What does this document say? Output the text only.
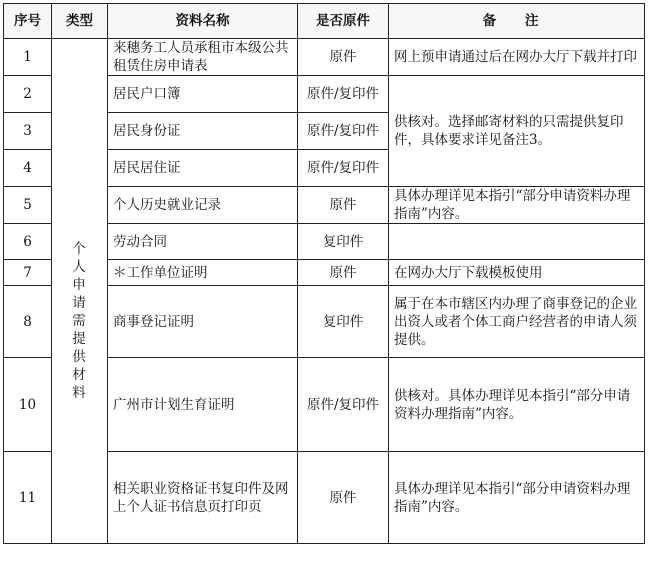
序号	类型	资料名称	是否原件	备 注
1	个人申请需提供材料	来穗务工人员承租市本级公共租赁住房申请表	原件	网上预申请通过后在网办大厅下载并打印
2		居民户口簿	原件/复印件	供核对。选择邮寄材料的只需提供复印件，具体要求详见备注3。
3		居民身份证	原件/复印件	
4		居民居住证	原件/复印件	
5		个人历史就业记录	原件	具体办理详见本指引“部分申请资料办理指南”内容。
6		劳动合同	复印件	
7		＊工作单位证明	原件	在网办大厅下载模板使用
8		商事登记证明	复印件	属于在本市辖区内办理了商事登记的企业出资人或者个体工商户经营者的申请人须提供。
10		广州市计划生育证明	原件/复印件	供核对。具体办理详见本指引“部分申请资料办理指南”内容。
11		相关职业资格证书复印件及网上个人证书信息页打印页	原件	具体办理详见本指引“部分申请资料办理指南”内容。
